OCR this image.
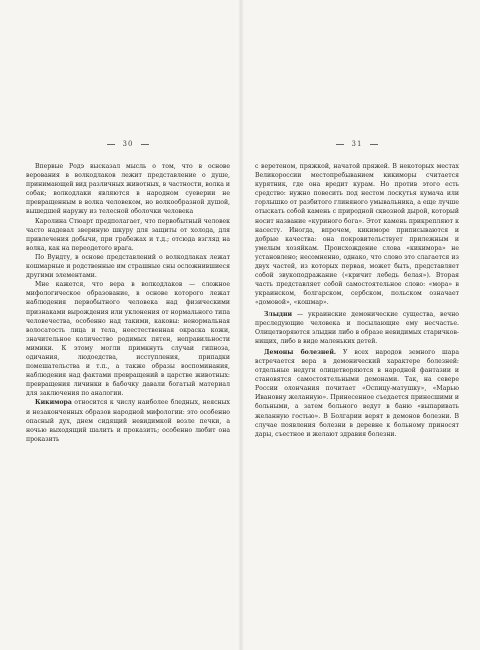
30

Впервые Родэ высказал мысль о том, что в основе верования в волкодлаков лежит представление о душе, принимающей вид различных животных, в частности, волка и собак; волкодлаки являются в народном суеверии не превращенным в волка человеком, но волкообразной душой, вышедшей наружу из телесной оболочки человека

Каролина Стюарт предполагает, что первобытный человек часто надевал звериную шкуру для защиты от холода, для привлечения добычи, при грабежах и т.д.; отсюда взгляд на волка, как на переодетого врага.

По Вундту, в основе представлений о волкодлаках лежат кошмарные и родственные им страшные сны осложнившиеся другими элементами.

Мне кажется, что вера в волкодлаков — сложное мифологическое образование, в основе которого лежат наблюдения первобытного человека над физическими признаками вырождения или уклонения от нормального типа человечества, особенно над такими, каковы: ненормальная волосатость лица и тела, неестественная окраска кожи, значительное количество родимых пятен, неправильности мимики. К этому могли примкнуть случаи гипноза, одичания, людоедства, исступления, припадки помешательства и т.п., а также образы воспоминания, наблюдения над фактами превращений в царстве животных: превращения личинки в бабочку давали богатый материал для заключения по аналогии.

Кикимора относится к числу наиболее бледных, неясных и незаконченных образов народной мифологии: это особенно опасный дух, днем сидящий невидимкой возле печки, а ночью выходящий шалить и проказить; особенно любит она проказить

31

с веретеном, пряжкой, начатой пряжей. В некоторых местах Великороссии местопребыванием кикиморы считается курятник, где она вредит курам. Но против этого есть средство: нужно повесить под нестом лоскутья кумача или горлышко от разбитого глиняного умывальника, а еще лучше отыскать собой камень с природной сквозной дырой, который носит название «куриного бога». Этот камень прикрепляют к насесту. Иногда, впрочем, кикиморе приписываются и добрые качества: она покровительствует прилежным и умелым хозяйкам. Происхождение слова «кикимора» не установлено; несомненно, однако, что слово это слагается из двух частей, из которых первая, может быть, представляет собой звукоподражание («кричит лебедь белая»). Вторая часть представляет собой самостоятельное слово: «мора» в украинском, болгарском, сербском, польском означает «домовой», «кошмар».

Злыдни — украинские демонические существа, вечно преследующие человека и посылающие ему несчастье. Олицетворяются злыдни либо в образе невидимых старичков-нищих, либо в виде маленьких детей.

Демоны болезней. У всех народов земного шара встречается вера в демонический характере болезней: отдельные недуги олицетворяются в народной фантазии и становятся самостоятельными демонами. Так, на севере России олончания почитает «Оспицу-матушку», «Марью Ивановну желанную». Принесенное съедается принесшими и больными, а затем больного ведут в баню «выпаривать желанную гостью». В Болгарии верят в демонов болезни. В случае появления болезни в деревне к больному приносят дары, съестное и желают здравия болезни.
